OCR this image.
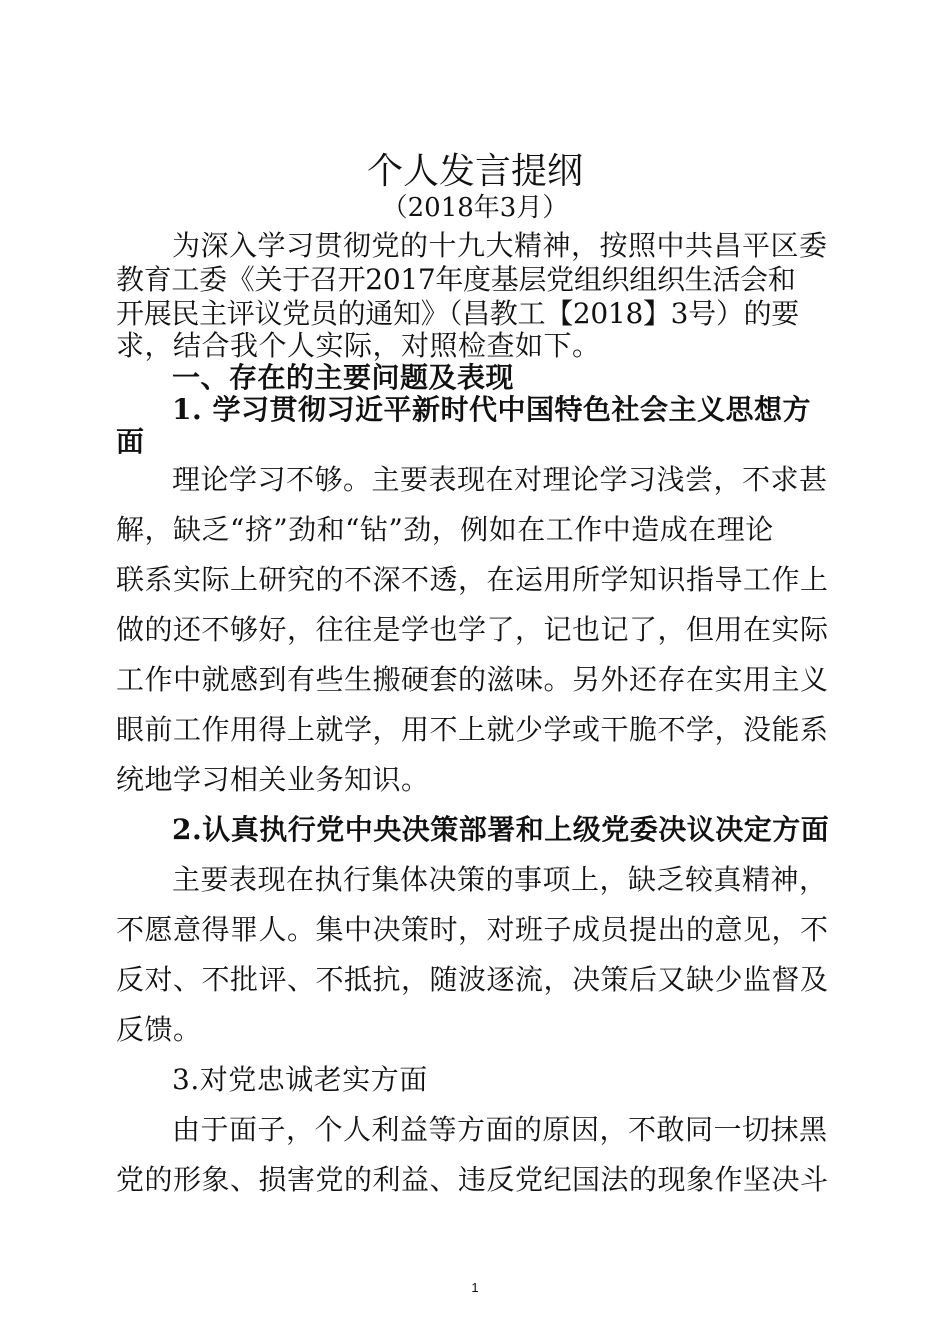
个人发言提纲
（2018年3月）
为深入学习贯彻党的十九大精神，按照中共昌平区委
教育工委《关于召开2017年度基层党组织组织生活会和
开展民主评议党员的通知》（昌教工【2018】3号）的要
求，结合我个人实际，对照检查如下。
一、存在的主要问题及表现
1. 学习贯彻习近平新时代中国特色社会主义思想方
面
理论学习不够。主要表现在对理论学习浅尝，不求甚
解，缺乏“挤”劲和“钻”劲，例如在工作中造成在理论
联系实际上研究的不深不透，在运用所学知识指导工作上
做的还不够好，往往是学也学了，记也记了，但用在实际
工作中就感到有些生搬硬套的滋味。另外还存在实用主义
眼前工作用得上就学，用不上就少学或干脆不学，没能系
统地学习相关业务知识。
2.认真执行党中央决策部署和上级党委决议决定方面
主要表现在执行集体决策的事项上，缺乏较真精神，
不愿意得罪人。集中决策时，对班子成员提出的意见，不
反对、不批评、不抵抗，随波逐流，决策后又缺少监督及
反馈。
3.对党忠诚老实方面
由于面子，个人利益等方面的原因，不敢同一切抹黑
党的形象、损害党的利益、违反党纪国法的现象作坚决斗
1
